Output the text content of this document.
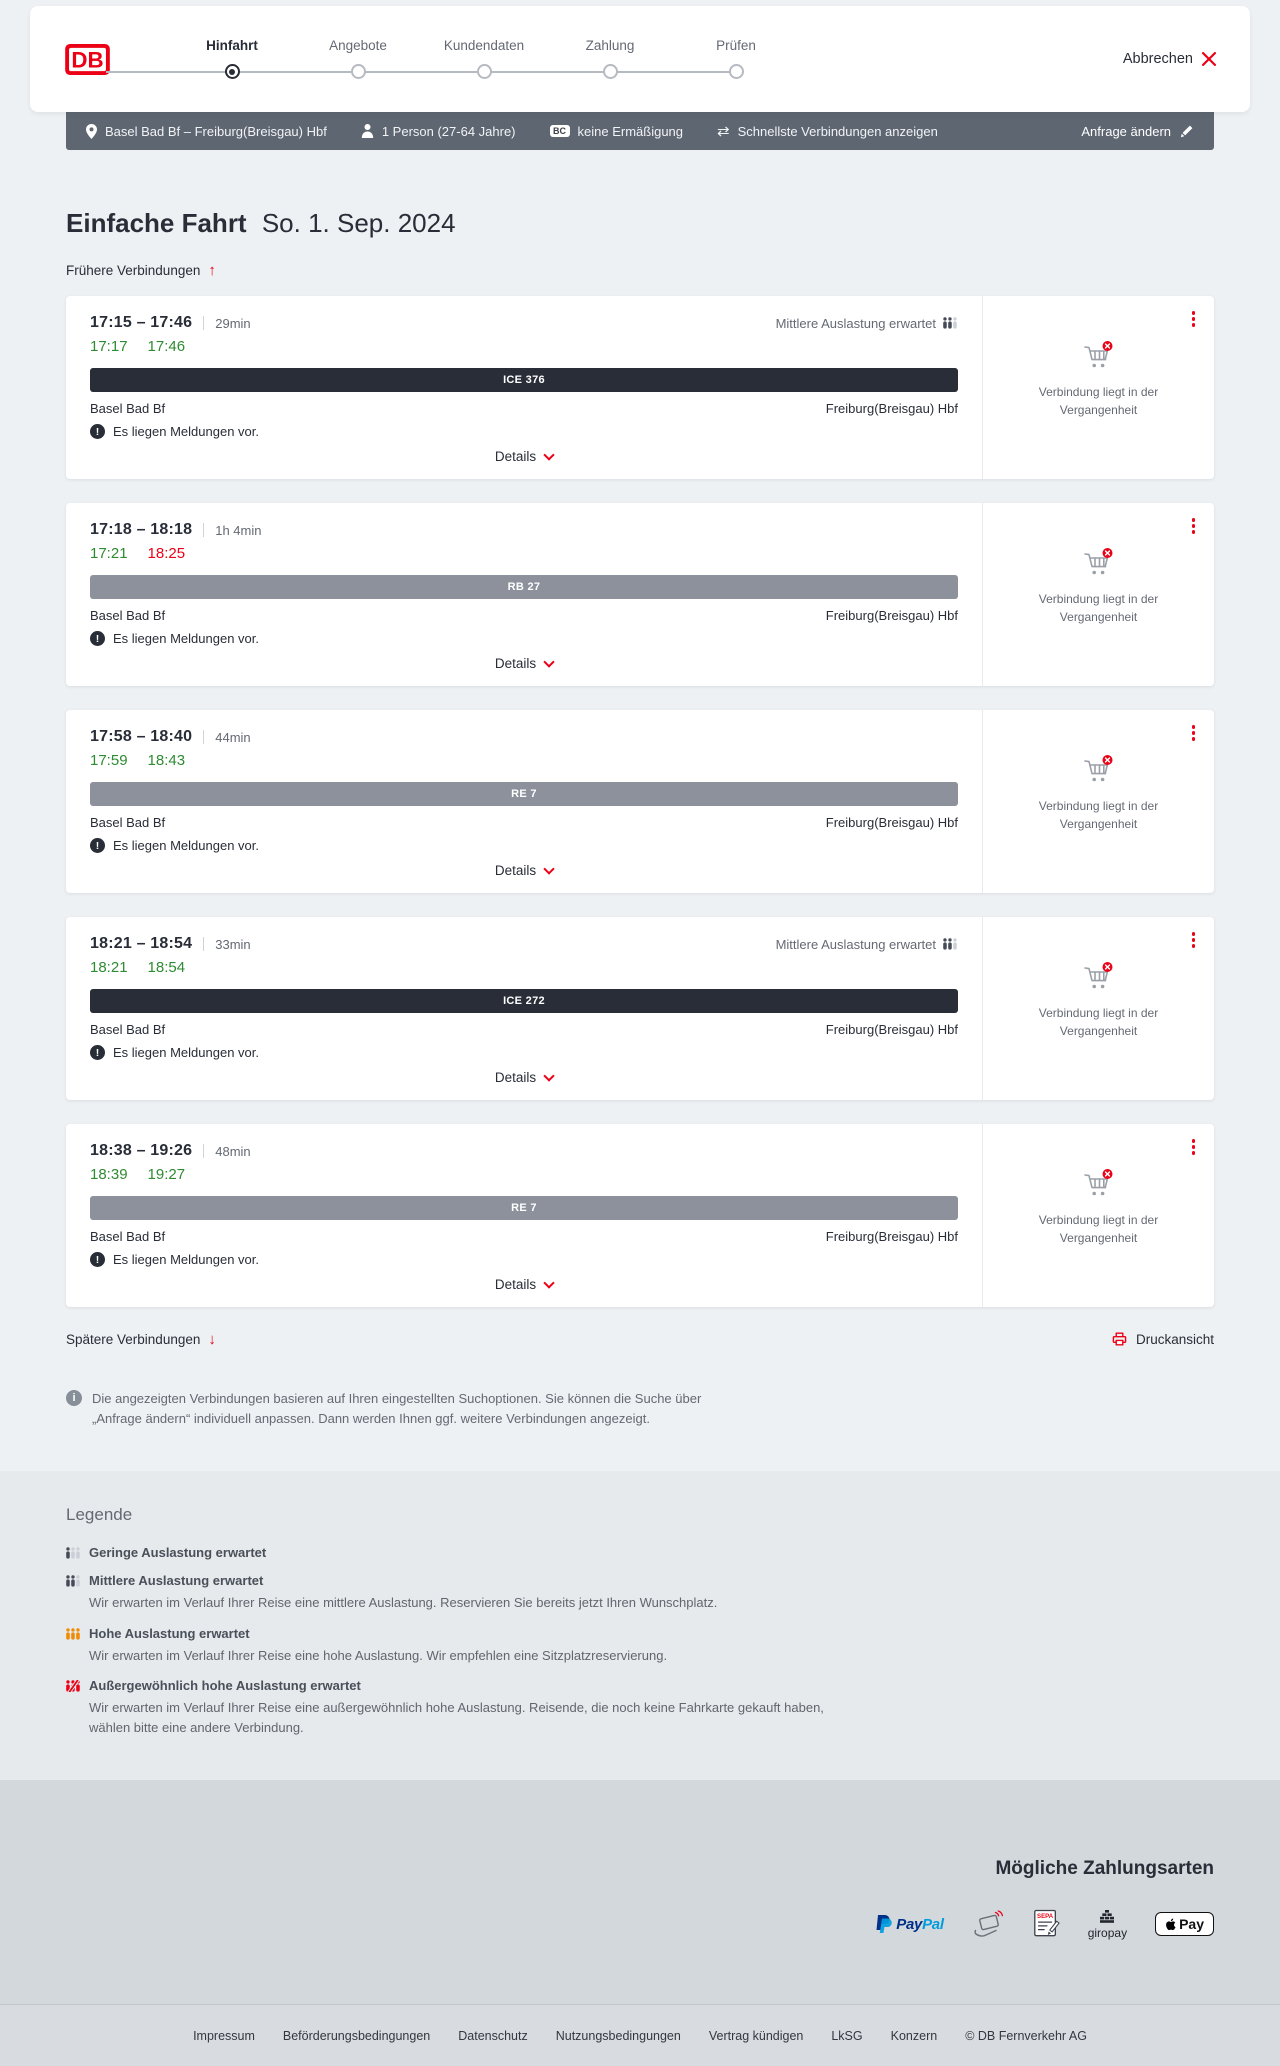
DB
Hinfahrt	Angebote	Kundendaten	Zahlung	Prüfen
Abbrechen
Basel Bad Bf – Freiburg(Breisgau) Hbf	1 Person (27-64 Jahre)	BC keine Ermäßigung ⇄ Schnellste Verbindungen anzeigen	Anfrage ändern
Einfache Fahrt So. 1. Sep. 2024
Frühere Verbindungen ↑
17:15 – 17:46 29min	Mittlere Auslastung erwartet
17:17 17:46
ICE 376
Basel Bad Bf	Freiburg(Breisgau) Hbf
!	Es liegen Meldungen vor.
Details
Verbindung liegt in der Vergangenheit
17:18 – 18:18 1h 4min
17:21 18:25
RB 27
Basel Bad Bf	Freiburg(Breisgau) Hbf
!	Es liegen Meldungen vor.
Details
Verbindung liegt in der Vergangenheit
17:58 – 18:40 44min
17:59 18:43
RE 7
Basel Bad Bf	Freiburg(Breisgau) Hbf
!	Es liegen Meldungen vor.
Details
Verbindung liegt in der Vergangenheit
18:21 – 18:54 33min	Mittlere Auslastung erwartet
18:21 18:54
ICE 272
Basel Bad Bf	Freiburg(Breisgau) Hbf
!	Es liegen Meldungen vor.
Details
Verbindung liegt in der Vergangenheit
18:38 – 19:26 48min
18:39 19:27
RE 7
Basel Bad Bf	Freiburg(Breisgau) Hbf
!	Es liegen Meldungen vor.
Details
Verbindung liegt in der Vergangenheit
Spätere Verbindungen ↓	Druckansicht
i	Die angezeigten Verbindungen basieren auf Ihren eingestellten Suchoptionen. Sie können die Suche über „Anfrage ändern“ individuell anpassen. Dann werden Ihnen ggf. weitere Verbindungen angezeigt.

Legende
Geringe Auslastung erwartet
Mittlere Auslastung erwartet
Wir erwarten im Verlauf Ihrer Reise eine mittlere Auslastung. Reservieren Sie bereits jetzt Ihren Wunschplatz.
Hohe Auslastung erwartet
Wir erwarten im Verlauf Ihrer Reise eine hohe Auslastung. Wir empfehlen eine Sitzplatzreservierung.
Außergewöhnlich hohe Auslastung erwartet
Wir erwarten im Verlauf Ihrer Reise eine außergewöhnlich hohe Auslastung. Reisende, die noch keine Fahrkarte gekauft haben, wählen bitte eine andere Verbindung.
Mögliche Zahlungsarten
PayPal	SEPA
giropay
Pay
Impressum Beförderungsbedingungen Datenschutz Nutzungsbedingungen Vertrag kündigen LkSG Konzern © DB Fernverkehr AG
